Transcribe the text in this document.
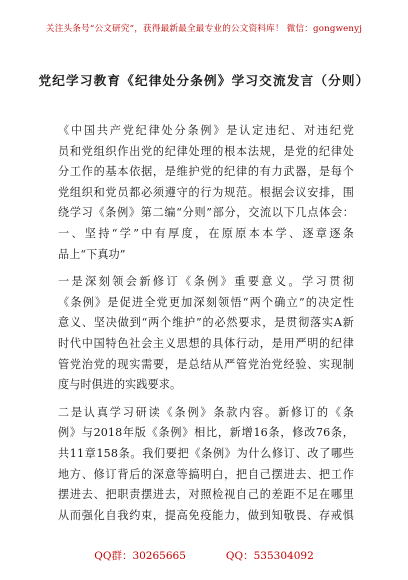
关注头条号“公文研究”，获得最新最全最专业的公文资料库！ 微信：gongwenyj
党纪学习教育《纪律处分条例》学习交流发言（分则）
《中国共产党纪律处分条例》是认定违纪、对违纪党
员和党组织作出党的纪律处理的根本法规，是党的纪律处
分工作的基本依据，是维护党的纪律的有力武器，是每个
党组织和党员都必须遵守的行为规范。根据会议安排，围
绕学习《条例》第二编“分则”部分，交流以下几点体会：
一、坚持“学”中有厚度，在原原本本学、逐章逐条
品上“下真功”
一是深刻领会新修订《条例》重要意义。学习贯彻
《条例》是促进全党更加深刻领悟“两个确立”的决定性
意义、坚决做到“两个维护”的必然要求，是贯彻落实A新
时代中国特色社会主义思想的具体行动，是用严明的纪律
管党治党的现实需要，是总结从严管党治党经验、实现制
度与时俱进的实践要求。
二是认真学习研读《条例》条款内容。新修订的《条
例》与2018年版《条例》相比，新增16条，修改76条，
共11章158条。我们要把《条例》为什么修订、改了哪些
地方、修订背后的深意等搞明白，把自己摆进去、把工作
摆进去、把职责摆进去，对照检视自己的差距不足在哪里
从而强化自我约束，提高免疫能力，做到知敬畏、存戒惧
QQ群：30265665	QQ：535304092
